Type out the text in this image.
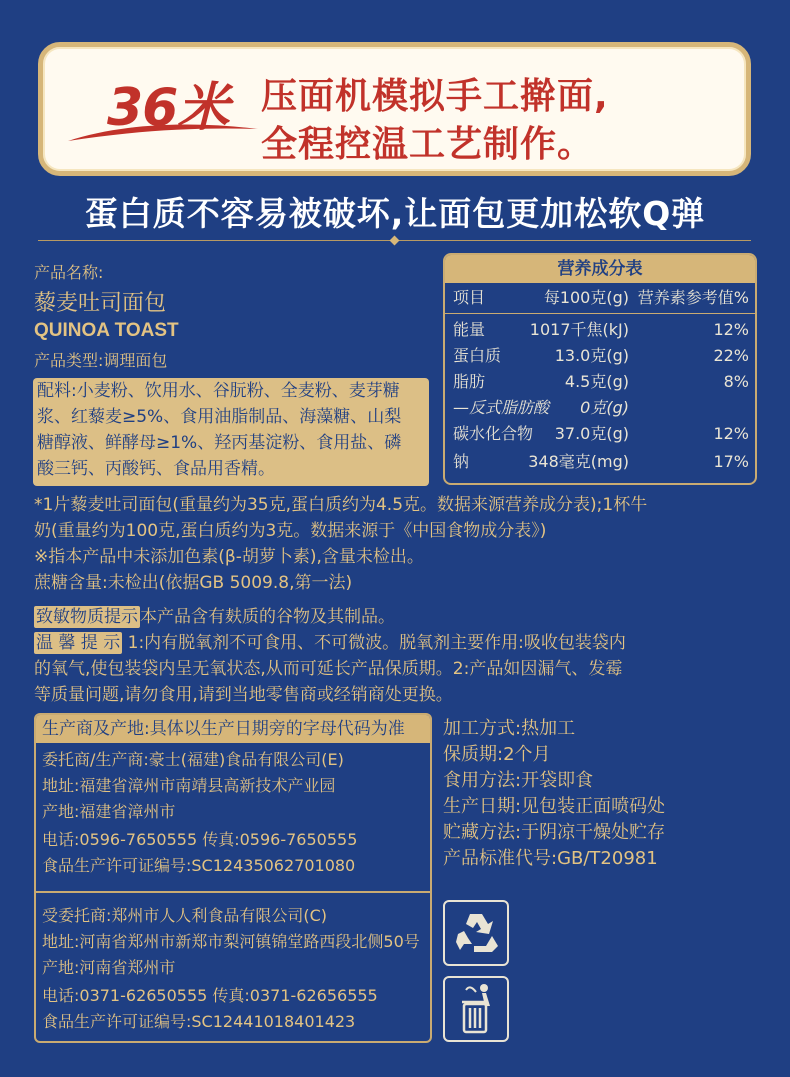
36米 压面机模拟手工擀面,
全程控温工艺制作。
蛋白质不容易被破坏,让面包更加松软Q弹
产品名称:
藜麦吐司面包
QUINOA TOAST
产品类型:调理面包
配料:小麦粉、饮用水、谷朊粉、全麦粉、麦芽糖
浆、红藜麦≥5%、食用油脂制品、海藻糖、山梨
糖醇液、鲜酵母≥1%、羟丙基淀粉、食用盐、磷
酸三钙、丙酸钙、食品用香精。
营养成分表
项目	每100克(g) 营养素参考值%
能量	1017千焦(kJ)	12%
蛋白质	13.0克(g)	22%
脂肪	4.5克(g)	8%
—反式脂肪酸 0克(g)
碳水化合物 37.0克(g)	12%
钠	348毫克(mg)	17%
*1片藜麦吐司面包(重量约为35克,蛋白质约为4.5克。数据来源营养成分表);1杯牛
奶(重量约为100克,蛋白质约为3克。数据来源于《中国食物成分表》)
※指本产品中未添加色素(β-胡萝卜素),含量未检出。
蔗糖含量:未检出(依据GB 5009.8,第一法)
致敏物质提示 本产品含有麸质的谷物及其制品。
温 馨 提 示 1:内有脱氧剂不可食用、不可微波。脱氧剂主要作用:吸收包装袋内
的氧气,使包装袋内呈无氧状态,从而可延长产品保质期。2:产品如因漏气、发霉
等质量问题,请勿食用,请到当地零售商或经销商处更换。
生产商及产地:具体以生产日期旁的字母代码为准
委托商/生产商:豪士(福建)食品有限公司(E)
地址:福建省漳州市南靖县高新技术产业园
产地:福建省漳州市
电话:0596-7650555 传真:0596-7650555
食品生产许可证编号:SC12435062701080
受委托商:郑州市人人利食品有限公司(C)
地址:河南省郑州市新郑市梨河镇锦堂路西段北侧50号
产地:河南省郑州市
电话:0371-62650555 传真:0371-62656555
食品生产许可证编号:SC12441018401423
加工方式:热加工
保质期:2个月
食用方法:开袋即食
生产日期:见包装正面喷码处
贮藏方法:于阴凉干燥处贮存
产品标准代号:GB/T20981
